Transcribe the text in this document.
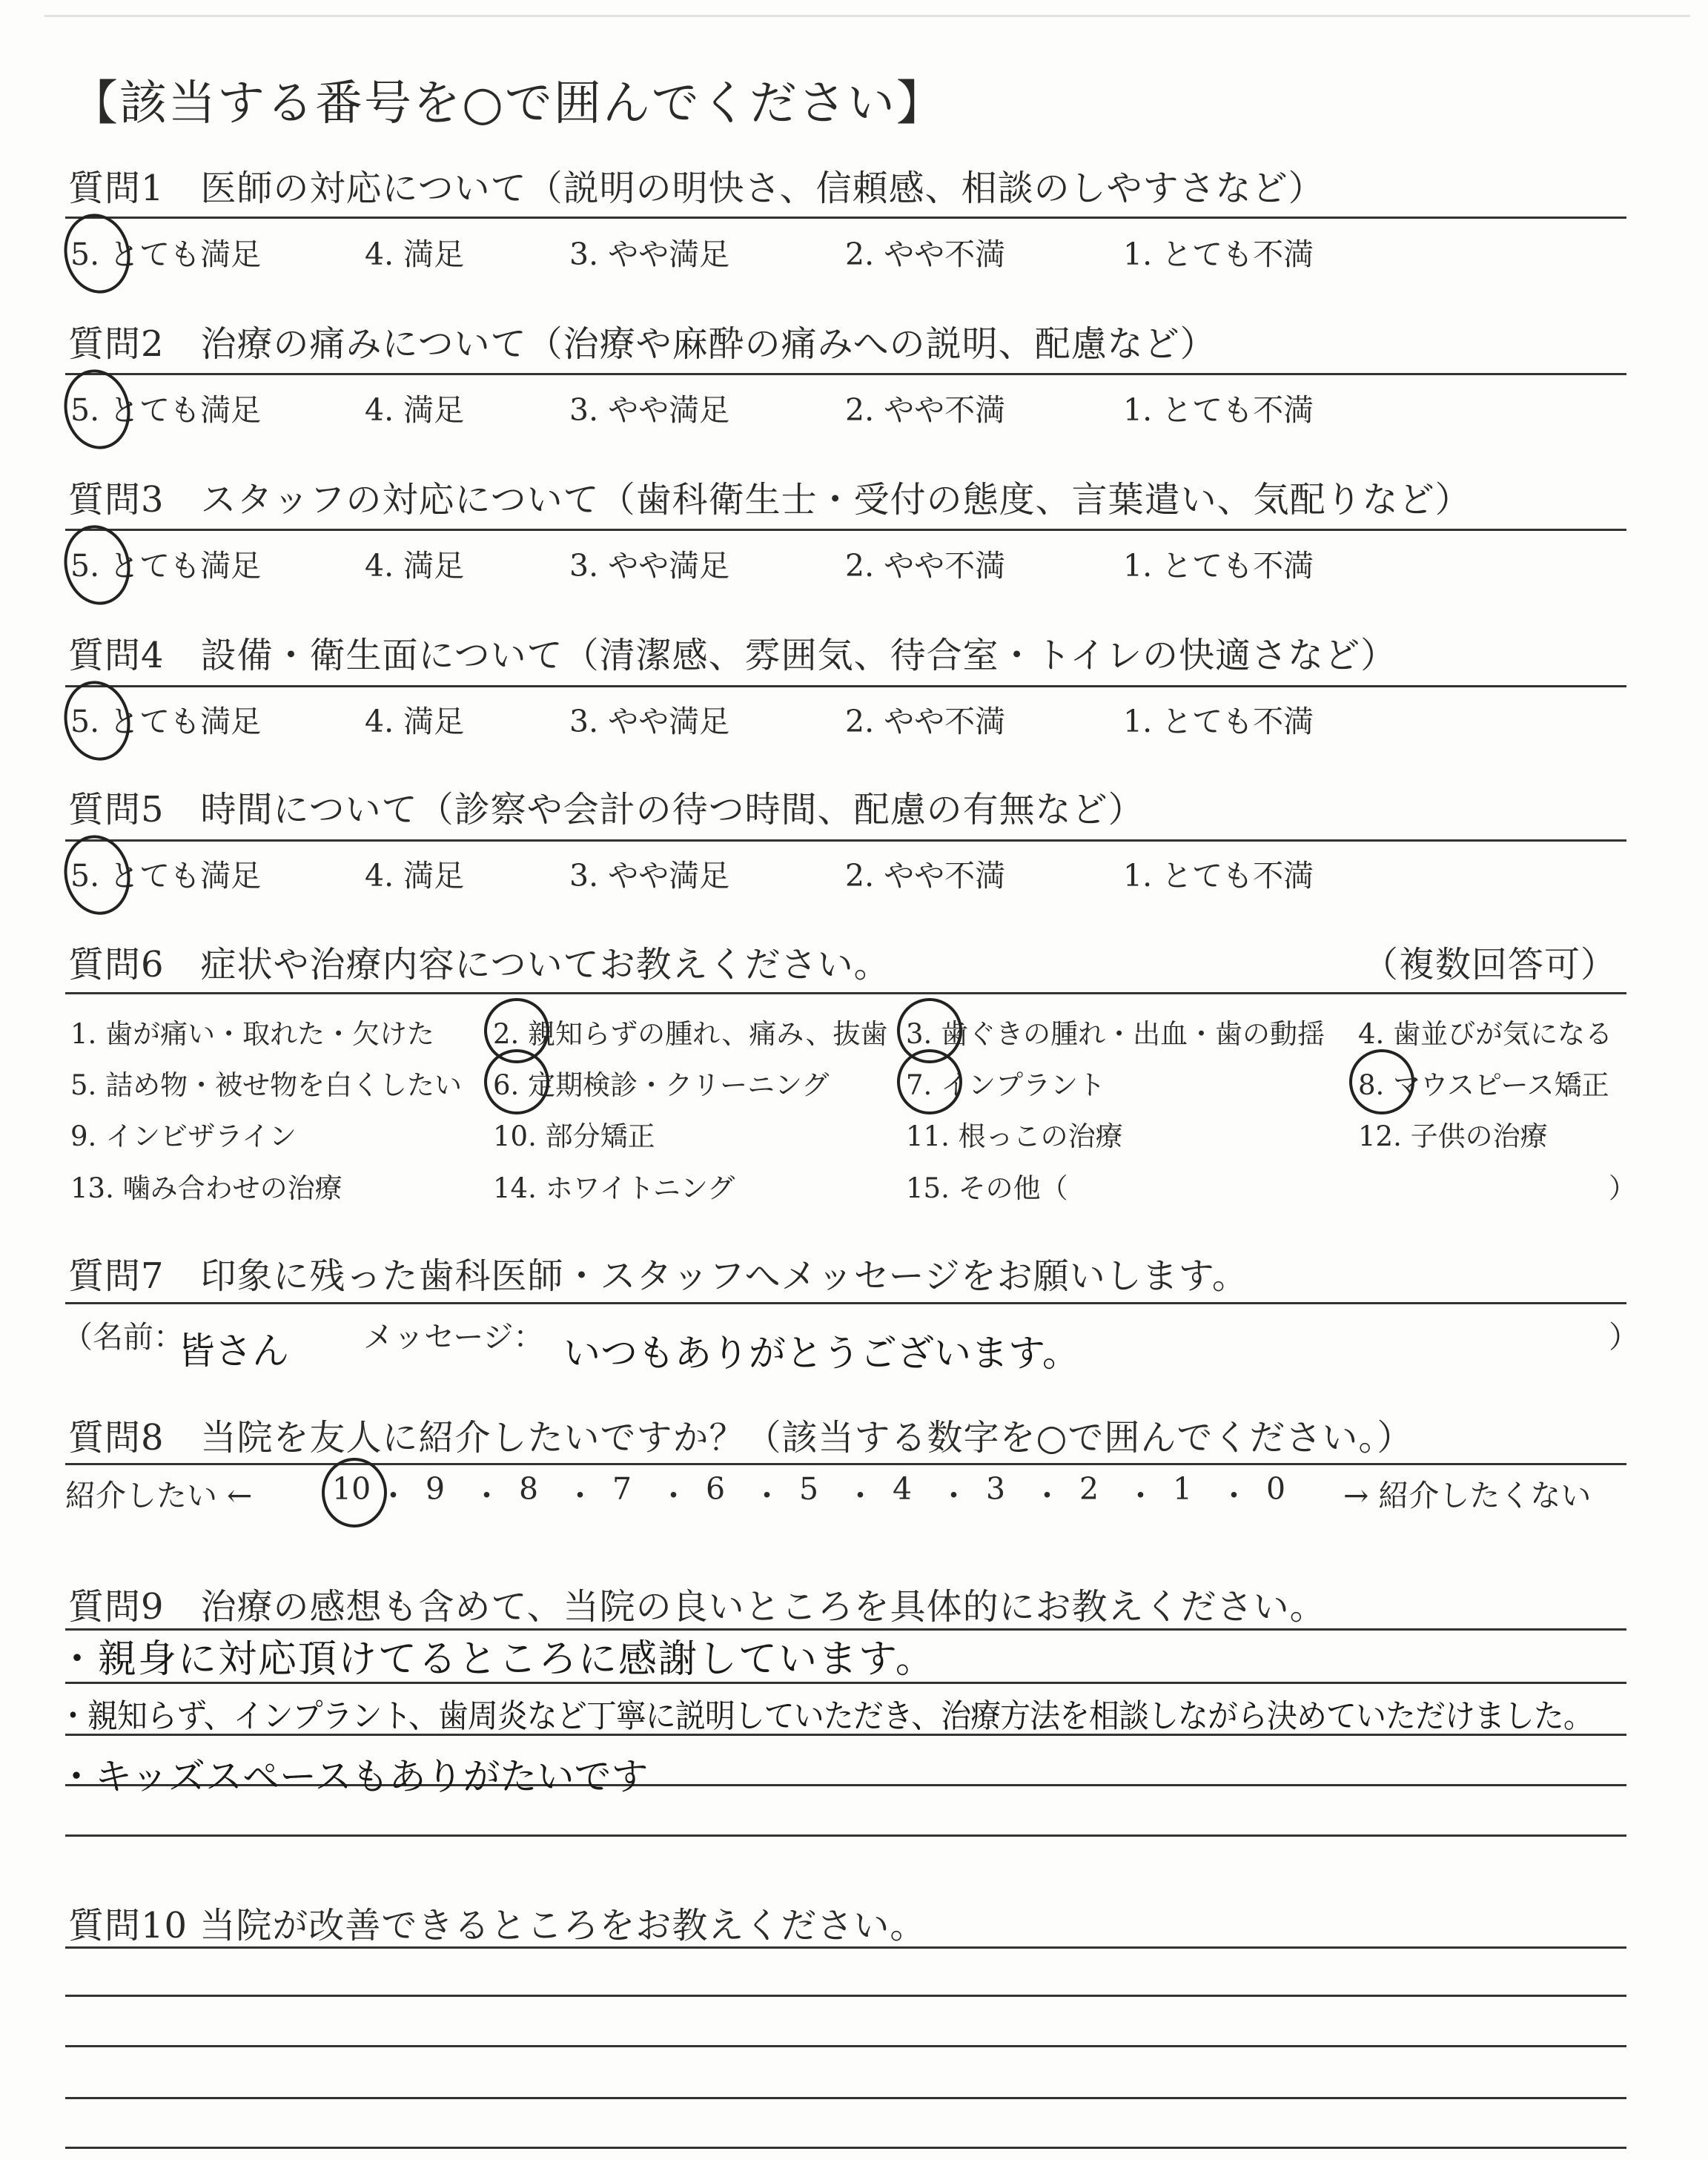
【該当する番号を○で囲んでください】
質問1　医師の対応について（説明の明快さ、信頼感、相談のしやすさなど）
5. とても満足	4. 満足	3. やや満足	2. やや不満	1. とても不満
質問2　治療の痛みについて（治療や麻酔の痛みへの説明、配慮など）
5. とても満足	4. 満足	3. やや満足	2. やや不満	1. とても不満
質問3　スタッフの対応について（歯科衛生士・受付の態度、言葉遣い、気配りなど）
5. とても満足	4. 満足	3. やや満足	2. やや不満	1. とても不満
質問4　設備・衛生面について（清潔感、雰囲気、待合室・トイレの快適さなど）
5. とても満足	4. 満足	3. やや満足	2. やや不満	1. とても不満
質問5　時間について（診察や会計の待つ時間、配慮の有無など）
5. とても満足	4. 満足	3. やや満足	2. やや不満	1. とても不満
質問6　症状や治療内容についてお教えください。	（複数回答可）
1. 歯が痛い・取れた・欠けた 2. 親知らずの腫れ、痛み、抜歯 3. 歯ぐきの腫れ・出血・歯の動揺 4. 歯並びが気になる
5. 詰め物・被せ物を白くしたい 6. 定期検診・クリーニング	7. インプラント	8. マウスピース矯正
9. インビザライン	10. 部分矯正	11. 根っこの治療	12. 子供の治療
13. 噛み合わせの治療	14. ホワイトニング	15. その他（	）
質問7　印象に残った歯科医師・スタッフへメッセージをお願いします。
（名前：
皆さん メッセージ： いつもありがとうございます。	）
質問8　当院を友人に紹介したいですか？（該当する数字を○で囲んでください。）
紹介したい ←	10 ・ 9 ・ 8 ・ 7 ・ 6 ・ 5 ・ 4 ・ 3 ・ 2 ・ 1 ・ 0 → 紹介したくない
質問9　治療の感想も含めて、当院の良いところを具体的にお教えください。
・親身に対応頂けてるところに感謝しています。
・親知らず、インプラント、歯周炎など丁寧に説明していただき、治療方法を相談しながら決めていただけました。
・キッズスペースもありがたいです
質問10 当院が改善できるところをお教えください。
